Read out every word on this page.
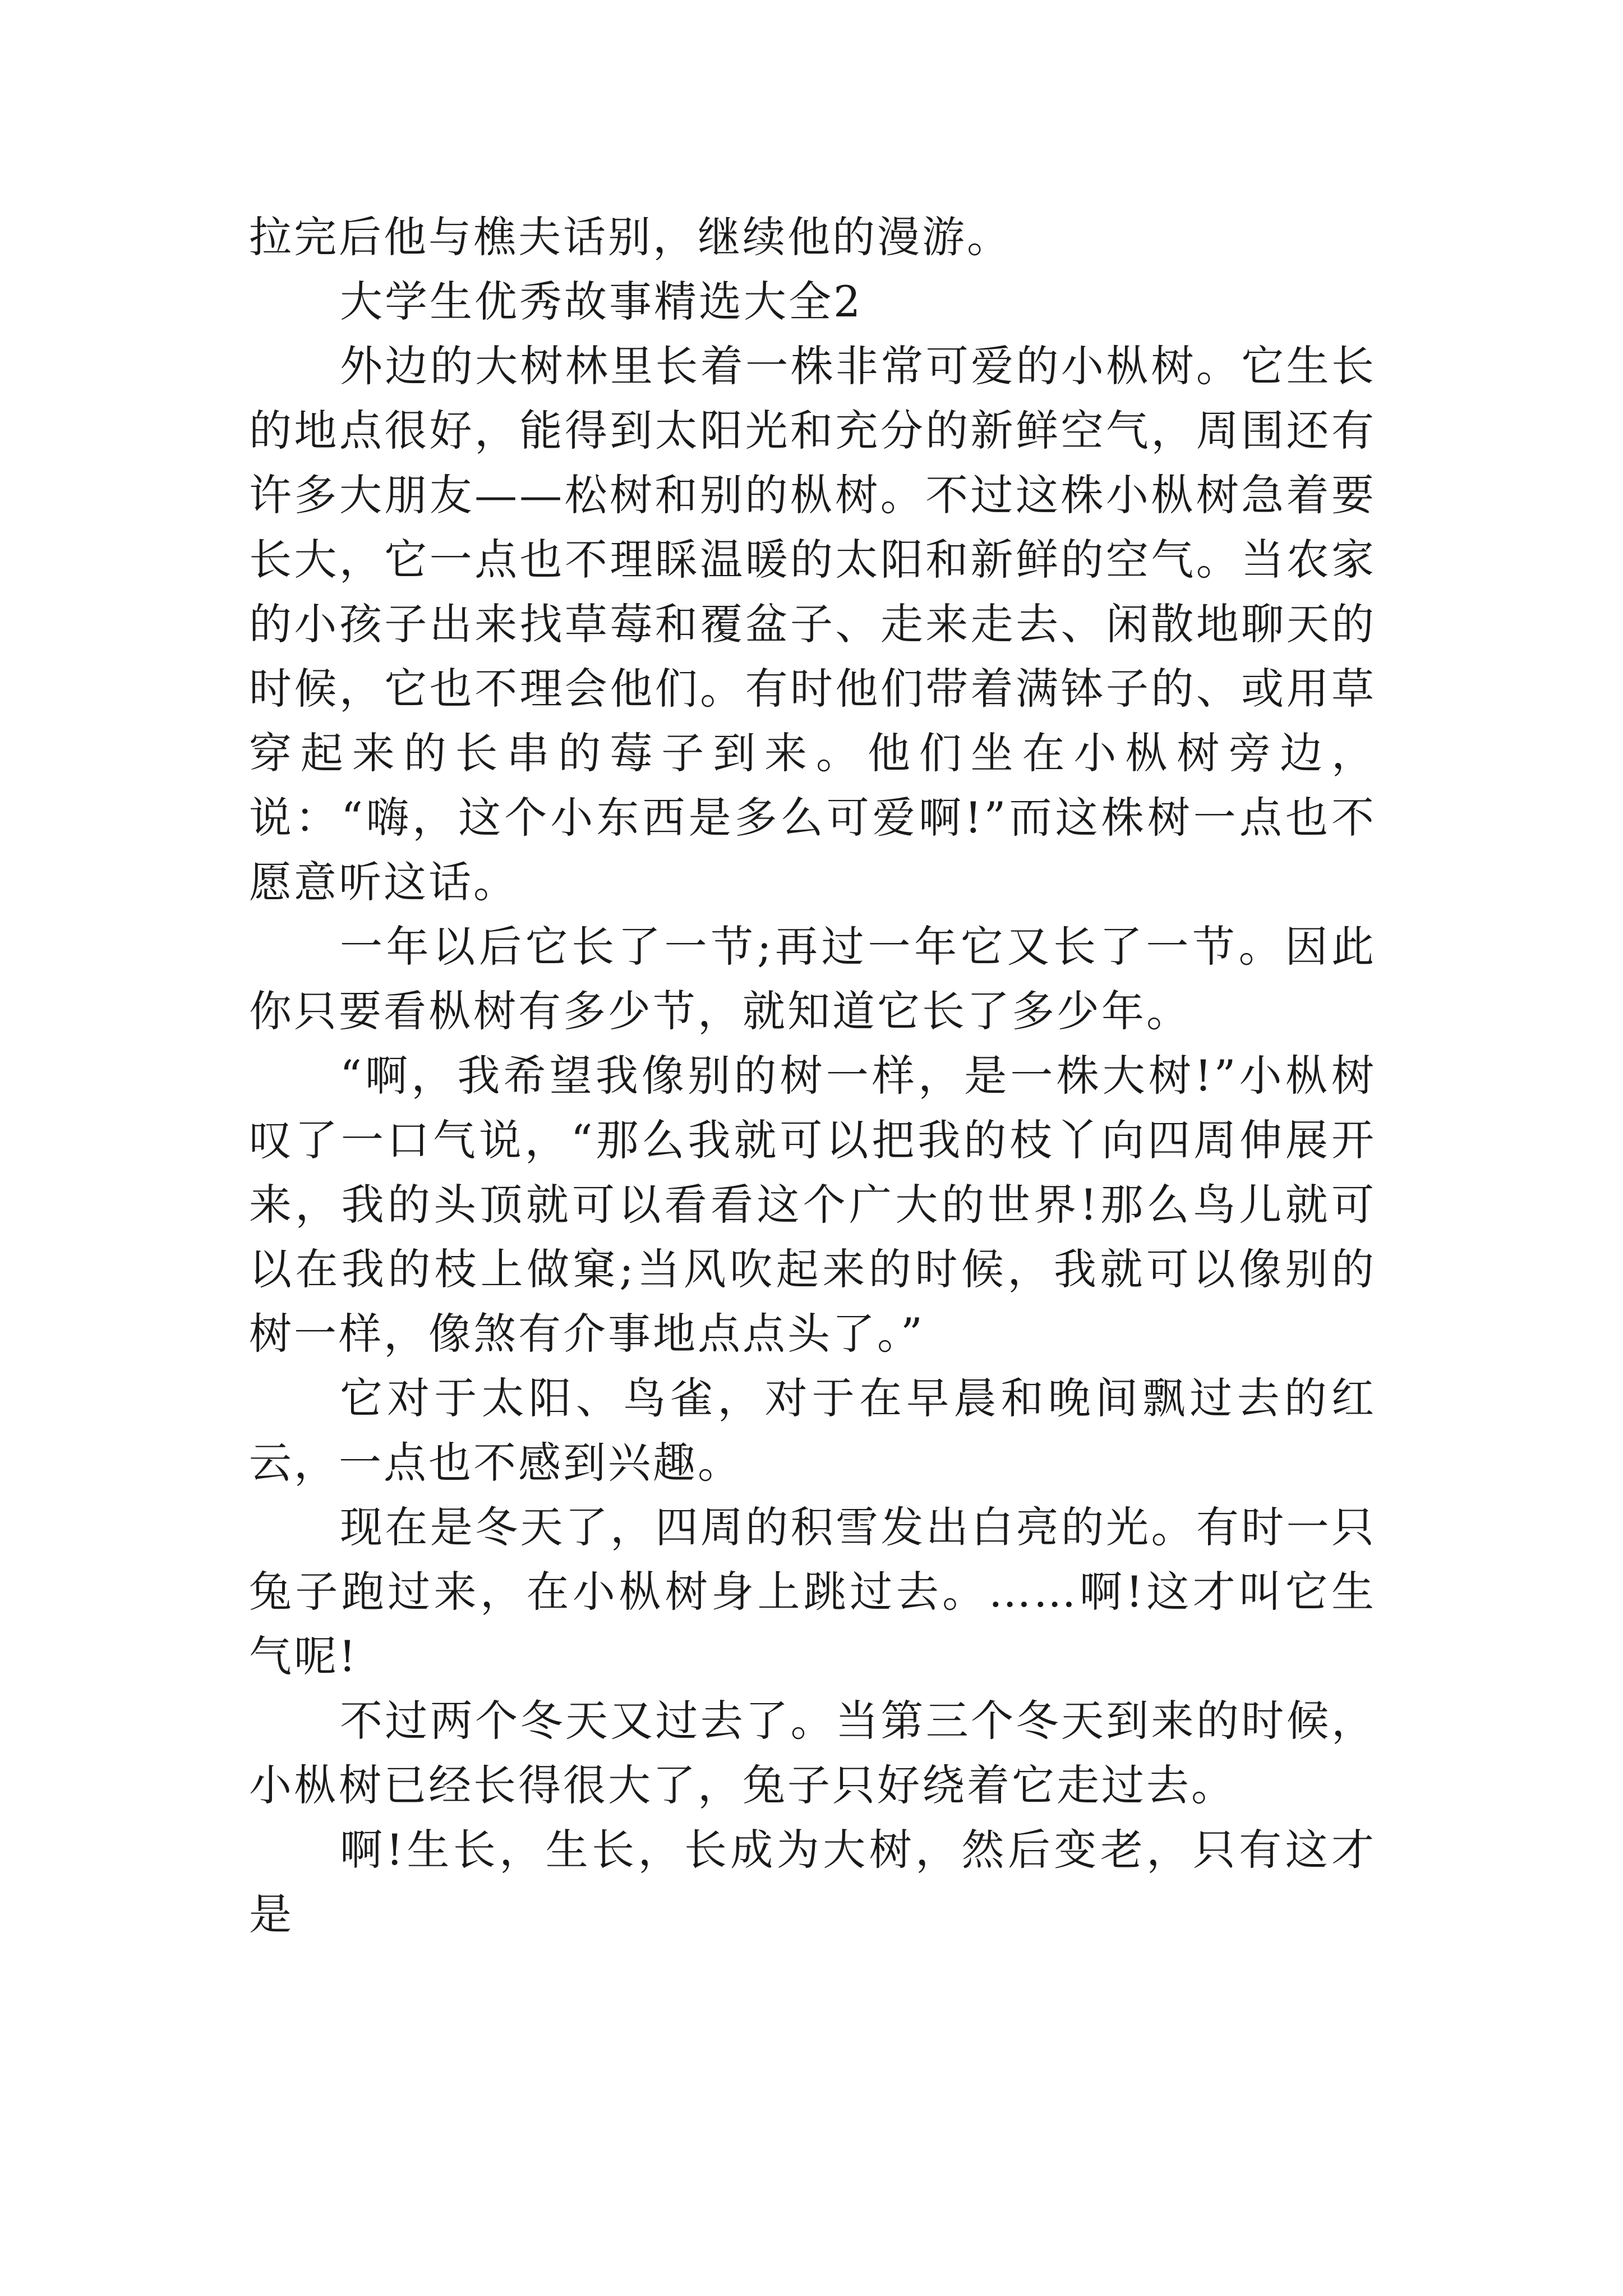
拉完后他与樵夫话别，继续他的漫游。

大学生优秀故事精选大全2

外边的大树林里长着一株非常可爱的小枞树。它生长的地点很好，能得到太阳光和充分的新鲜空气，周围还有许多大朋友——松树和别的枞树。不过这株小枞树急着要长大，它一点也不理睬温暖的太阳和新鲜的空气。当农家的小孩子出来找草莓和覆盆子、走来走去、闲散地聊天的时候，它也不理会他们。有时他们带着满钵子的、或用草穿起来的长串的莓子到来。他们坐在小枞树旁边，说：“嗨，这个小东西是多么可爱啊!”而这株树一点也不愿意听这话。

一年以后它长了一节;再过一年它又长了一节。因此你只要看枞树有多少节，就知道它长了多少年。

“啊，我希望我像别的树一样，是一株大树!”小枞树叹了一口气说，“那么我就可以把我的枝丫向四周伸展开来，我的头顶就可以看看这个广大的世界!那么鸟儿就可以在我的枝上做窠;当风吹起来的时候，我就可以像别的树一样，像煞有介事地点点头了。”

它对于太阳、鸟雀，对于在早晨和晚间飘过去的红云，一点也不感到兴趣。

现在是冬天了，四周的积雪发出白亮的光。有时一只兔子跑过来，在小枞树身上跳过去。……啊!这才叫它生气呢!

不过两个冬天又过去了。当第三个冬天到来的时候，小枞树已经长得很大了，兔子只好绕着它走过去。

啊!生长，生长，长成为大树，然后变老，只有这才是
